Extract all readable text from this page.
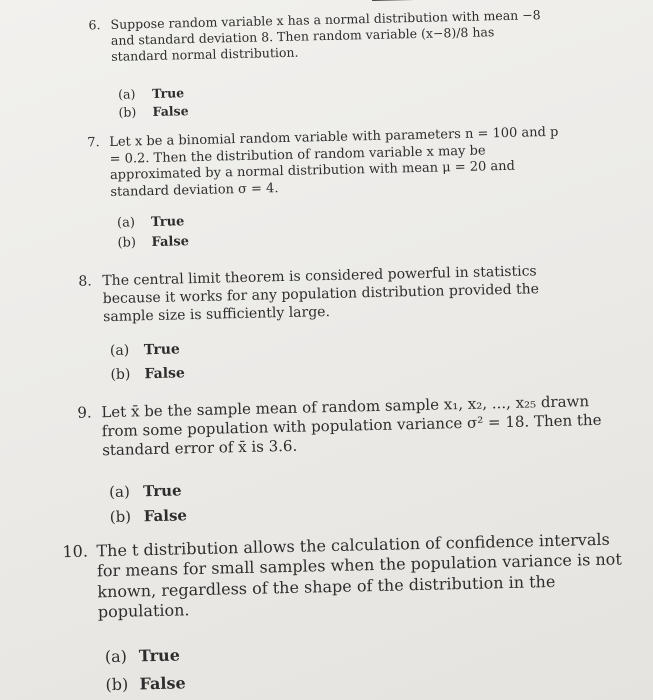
6. Suppose random variable x has a normal distribution with mean −8 and standard deviation 8. Then random variable (x−8)/8 has standard normal distribution.
(a) True
(b) False
7. Let x be a binomial random variable with parameters n = 100 and p = 0.2. Then the distribution of random variable x may be approximated by a normal distribution with mean μ = 20 and standard deviation σ = 4.
(a) True
(b) False
8. The central limit theorem is considered powerful in statistics because it works for any population distribution provided the sample size is sufficiently large.
(a) True
(b) False
9. Let x̄ be the sample mean of random sample x₁, x₂, ..., x₂₅ drawn from some population with population variance σ² = 18. Then the standard error of x̄ is 3.6.
(a) True
(b) False
10. The t distribution allows the calculation of confidence intervals for means for small samples when the population variance is not known, regardless of the shape of the distribution in the population.
(a) True
(b) False
